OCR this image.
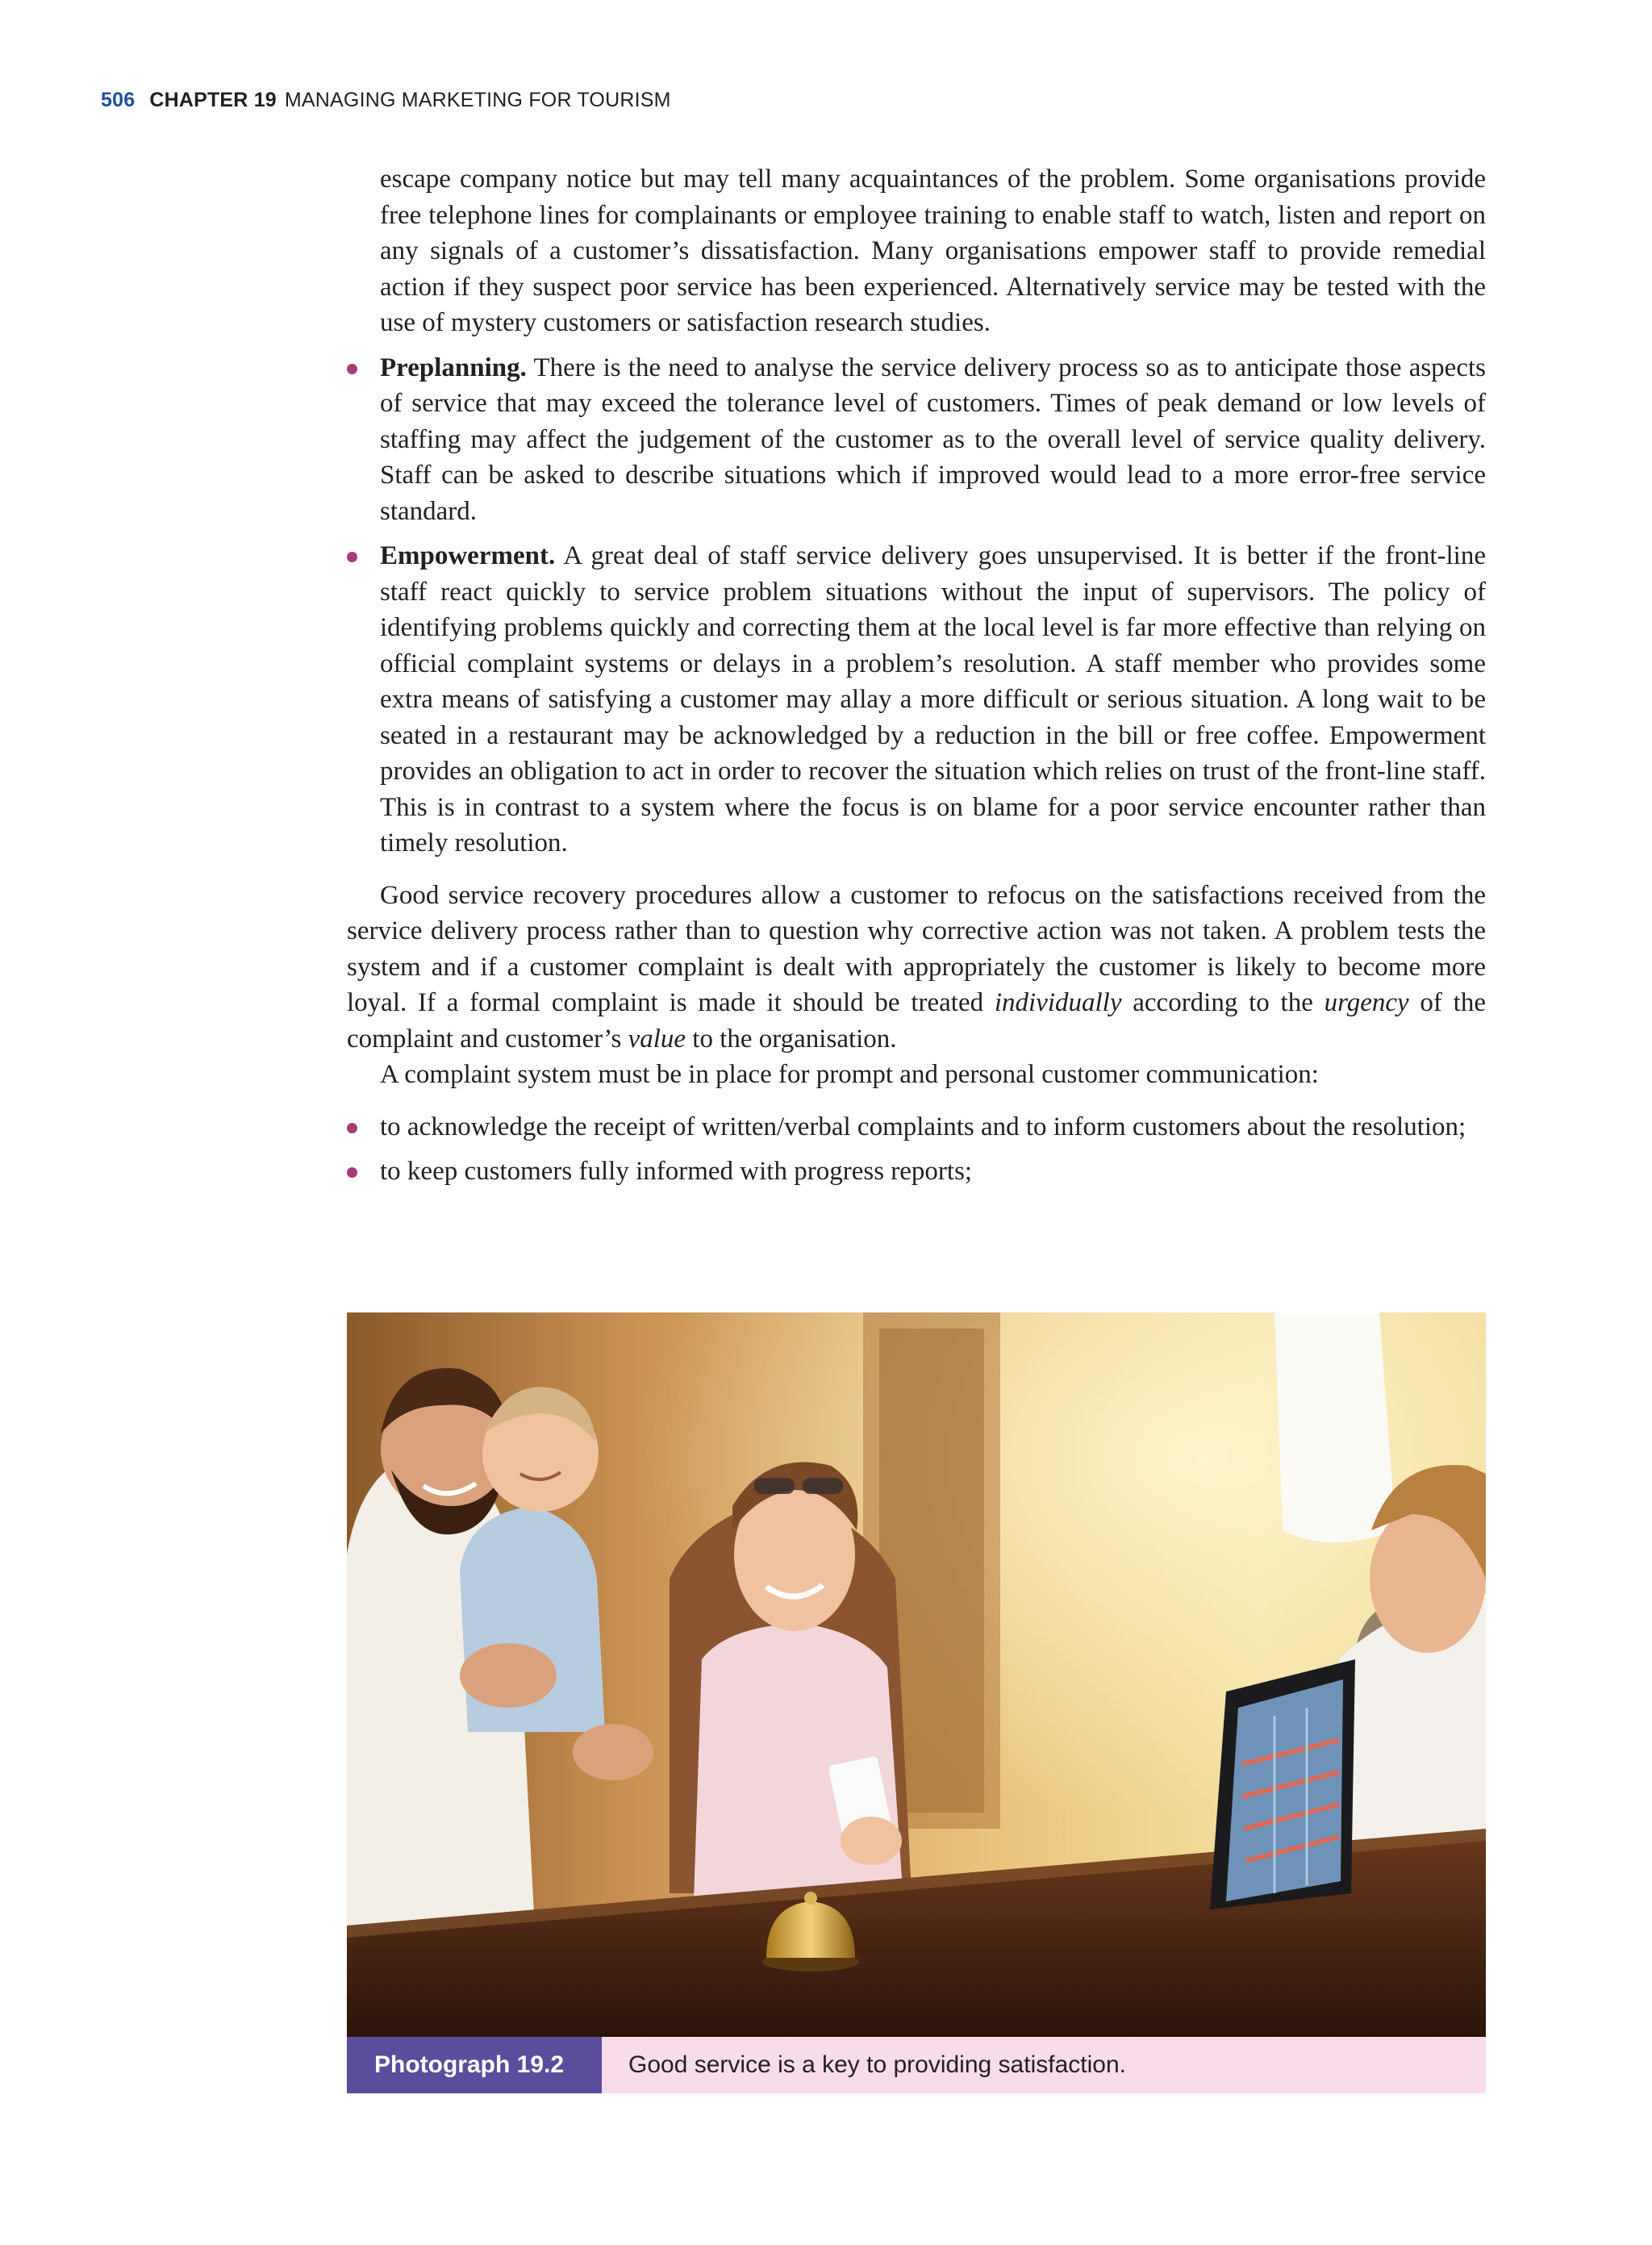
506 CHAPTER 19 MANAGING MARKETING FOR TOURISM

escape company notice but may tell many acquaintances of the problem. Some organisations provide free telephone lines for complainants or employee training to enable staff to watch, listen and report on any signals of a customer’s dissatisfaction. Many organisations empower staff to provide remedial action if they suspect poor service has been experienced. Alternatively service may be tested with the use of mystery customers or satisfaction research studies.

Preplanning. There is the need to analyse the service delivery process so as to anticipate those aspects of service that may exceed the tolerance level of customers. Times of peak demand or low levels of staffing may affect the judgement of the customer as to the overall level of service quality delivery. Staff can be asked to describe situations which if improved would lead to a more error-free service standard.

Empowerment. A great deal of staff service delivery goes unsupervised. It is better if the front-line staff react quickly to service problem situations without the input of supervisors. The policy of identifying problems quickly and correcting them at the local level is far more effective than relying on official complaint systems or delays in a problem’s resolution. A staff member who provides some extra means of satisfying a customer may allay a more difficult or serious situation. A long wait to be seated in a restaurant may be acknowledged by a reduction in the bill or free coffee. Empowerment provides an obligation to act in order to recover the situation which relies on trust of the front-line staff. This is in contrast to a system where the focus is on blame for a poor service encounter rather than timely resolution.

Good service recovery procedures allow a customer to refocus on the satisfactions received from the service delivery process rather than to question why corrective action was not taken. A problem tests the system and if a customer complaint is dealt with appropriately the customer is likely to become more loyal. If a formal complaint is made it should be treated individually according to the urgency of the complaint and customer’s value to the organisation.

A complaint system must be in place for prompt and personal customer communication:

to acknowledge the receipt of written/verbal complaints and to inform customers about the resolution;

to keep customers fully informed with progress reports;

Photograph 19.2	Good service is a key to providing satisfaction.
